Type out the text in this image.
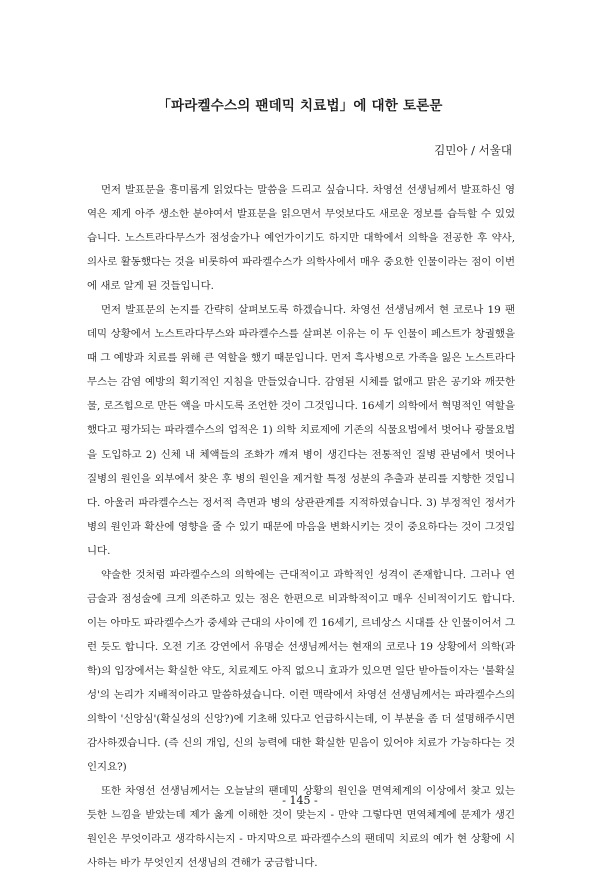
「파라켈수스의 팬데믹 치료법」에 대한 토론문
김민아 / 서울대

먼저 발표문을 흥미롭게 읽었다는 말씀을 드리고 싶습니다. 차영선 선생님께서 발표하신 영역은 제게 아주 생소한 분야여서 발표문을 읽으면서 무엇보다도 새로운 정보를 습득할 수 있었습니다. 노스트라다무스가 점성술가나 예언가이기도 하지만 대학에서 의학을 전공한 후 약사, 의사로 활동했다는 것을 비롯하여 파라켈수스가 의학사에서 매우 중요한 인물이라는 점이 이번에 새로 알게 된 것들입니다.

먼저 발표문의 논지를 간략히 살펴보도록 하겠습니다. 차영선 선생님께서 현 코로나 19 팬데믹 상황에서 노스트라다무스와 파라켈수스를 살펴본 이유는 이 두 인물이 페스트가 창궐했을 때 그 예방과 치료를 위해 큰 역할을 했기 때문입니다. 먼저 흑사병으로 가족을 잃은 노스트라다무스는 감염 예방의 획기적인 지침을 만들었습니다. 감염된 시체를 없애고 맑은 공기와 깨끗한 물, 로즈힙으로 만든 액을 마시도록 조언한 것이 그것입니다. 16세기 의학에서 혁명적인 역할을 했다고 평가되는 파라켈수스의 업적은 1) 의학 치료제에 기존의 식물요법에서 벗어나 광물요법을 도입하고 2) 신체 내 체액들의 조화가 깨져 병이 생긴다는 전통적인 질병 관념에서 벗어나 질병의 원인을 외부에서 찾은 후 병의 원인을 제거할 특정 성분의 추출과 분리를 지향한 것입니다. 아울러 파라켈수스는 정서적 측면과 병의 상관관계를 지적하였습니다. 3) 부정적인 정서가 병의 원인과 확산에 영향을 줄 수 있기 때문에 마음을 변화시키는 것이 중요하다는 것이 그것입니다.

약술한 것처럼 파라켈수스의 의학에는 근대적이고 과학적인 성격이 존재합니다. 그러나 연금술과 점성술에 크게 의존하고 있는 점은 한편으로 비과학적이고 매우 신비적이기도 합니다. 이는 아마도 파라켈수스가 중세와 근대의 사이에 낀 16세기, 르네상스 시대를 산 인물이어서 그런 듯도 합니다. 오전 기조 강연에서 유명순 선생님께서는 현재의 코로나 19 상황에서 의학(과학)의 입장에서는 확실한 약도, 치료제도 아직 없으니 효과가 있으면 일단 받아들이자는 '불확실성'의 논리가 지배적이라고 말씀하셨습니다. 이런 맥락에서 차영선 선생님께서는 파라켈수스의 의학이 '신앙심'(확실성의 신앙?)에 기초해 있다고 언급하시는데, 이 부분을 좀 더 설명해주시면 감사하겠습니다. (즉 신의 개입, 신의 능력에 대한 확실한 믿음이 있어야 치료가 가능하다는 것인지요?)

또한 차영선 선생님께서는 오늘날의 팬데믹 상황의 원인을 면역체계의 이상에서 찾고 있는듯한 느낌을 받았는데 제가 옳게 이해한 것이 맞는지 - 만약 그렇다면 면역체계에 문제가 생긴 원인은 무엇이라고 생각하시는지 - 마지막으로 파라켈수스의 팬데믹 치료의 예가 현 상황에 시사하는 바가 무엇인지 선생님의 견해가 궁금합니다.

- 145 -
